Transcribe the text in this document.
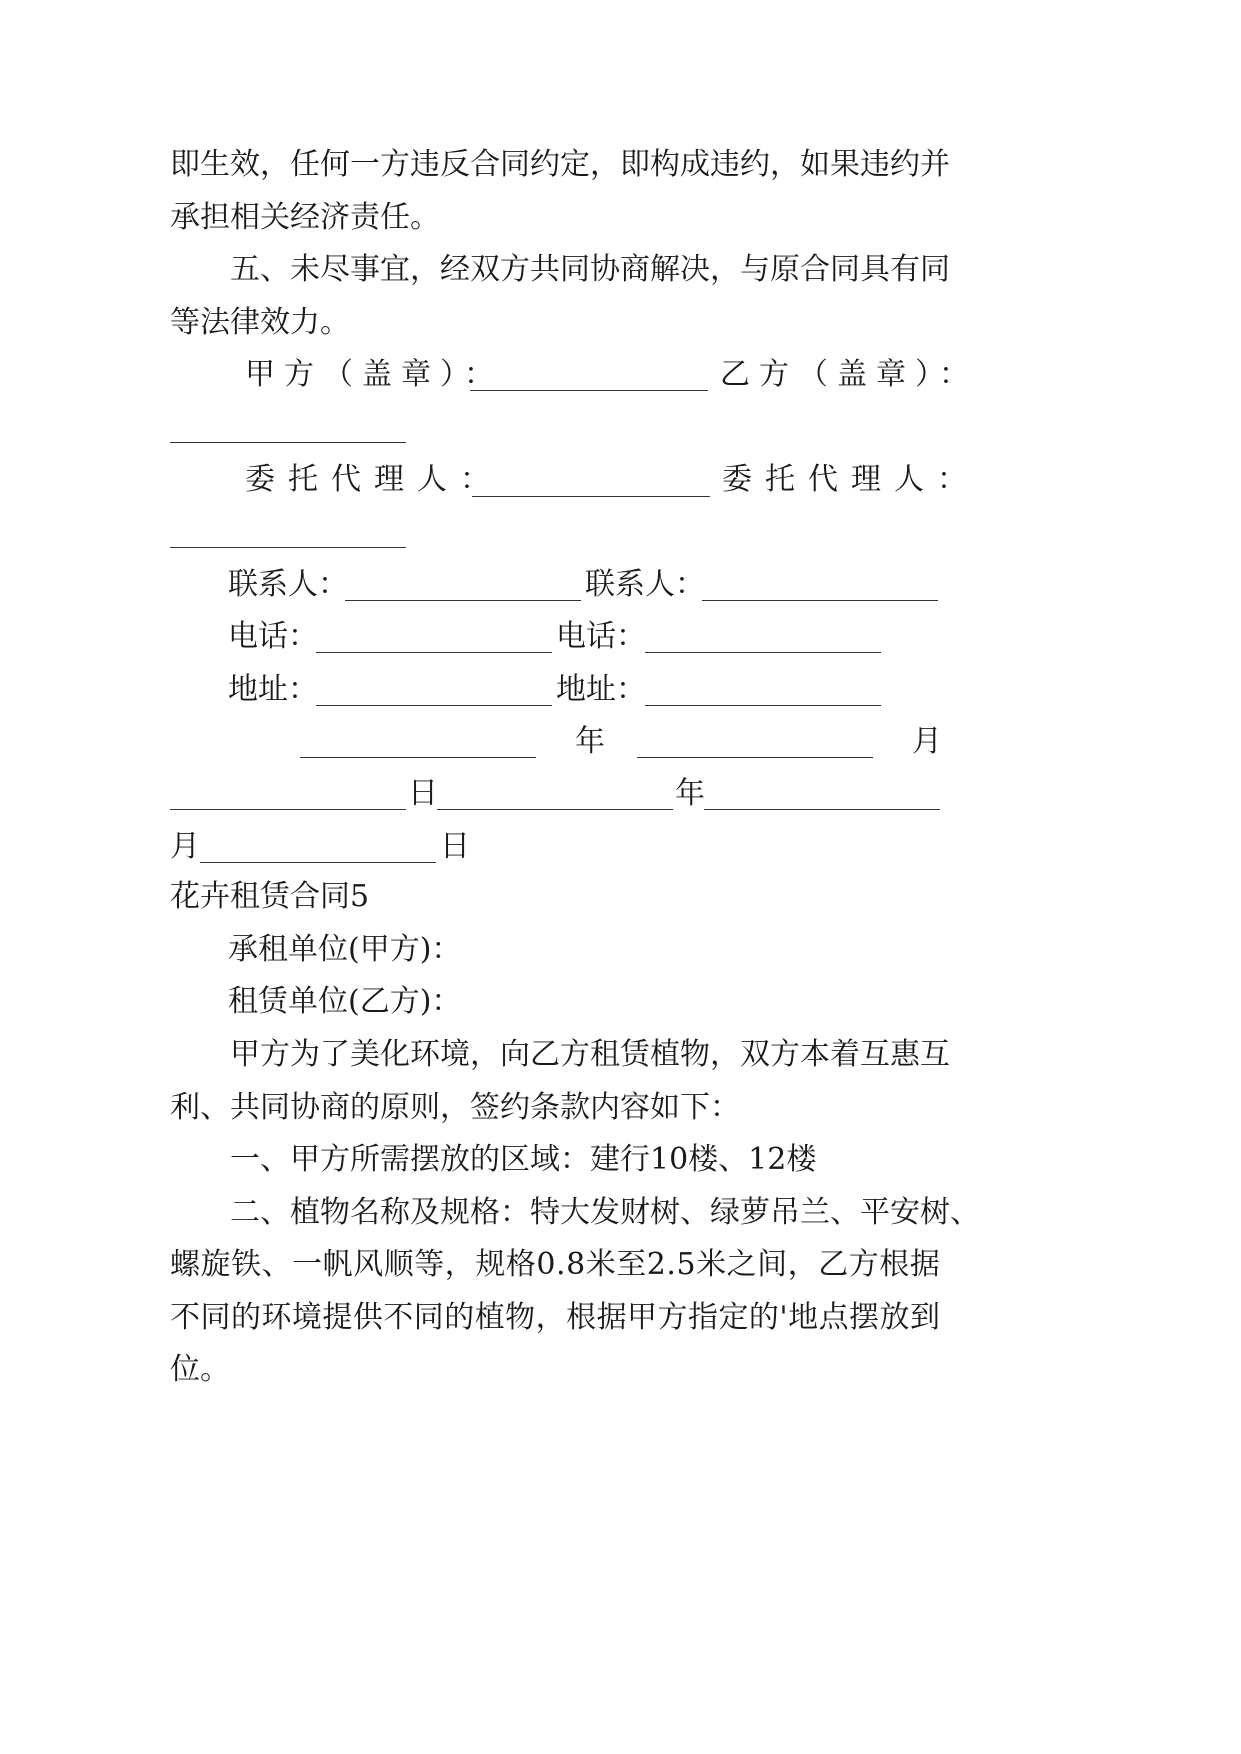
即 生 效 ， 任 何 一 方 违 反 合 同 约 定 ， 即 构 成 违 约 ， 如 果 违 约 并
承担相关经济责任。
五 、 未 尽 事 宜 ， 经 双 方 共 同 协 商 解 决 ， 与 原 合 同 具 有 同
等法律效力。
甲方（盖章）：	乙方（盖章）：
委托代理人：	委托代理人：
联系人：	联系人：
电话：	电话：
地址：	地址：
年	月
日	年
月	日
花卉租赁合同5
承租单位(甲方)：
租赁单位(乙方)：
甲 方 为 了 美 化 环 境 ， 向 乙 方 租 赁 植 物 ， 双 方 本 着 互 惠 互
利、共同协商的原则，签约条款内容如下：
一、甲方所需摆放的区域：建行10楼、12楼
二 、 植 物 名 称 及 规 格 ： 特 大 发 财 树 、 绿 萝 吊 兰 、 平 安 树 、
螺 旋 铁 、 一 帆 风 顺 等 ， 规 格 0 . 8 米 至 2 . 5 米 之 间 ， 乙 方 根 据
不 同 的 环 境 提 供 不 同 的 植 物 ， 根 据 甲 方 指 定 的 ' 地 点 摆 放 到
位。
